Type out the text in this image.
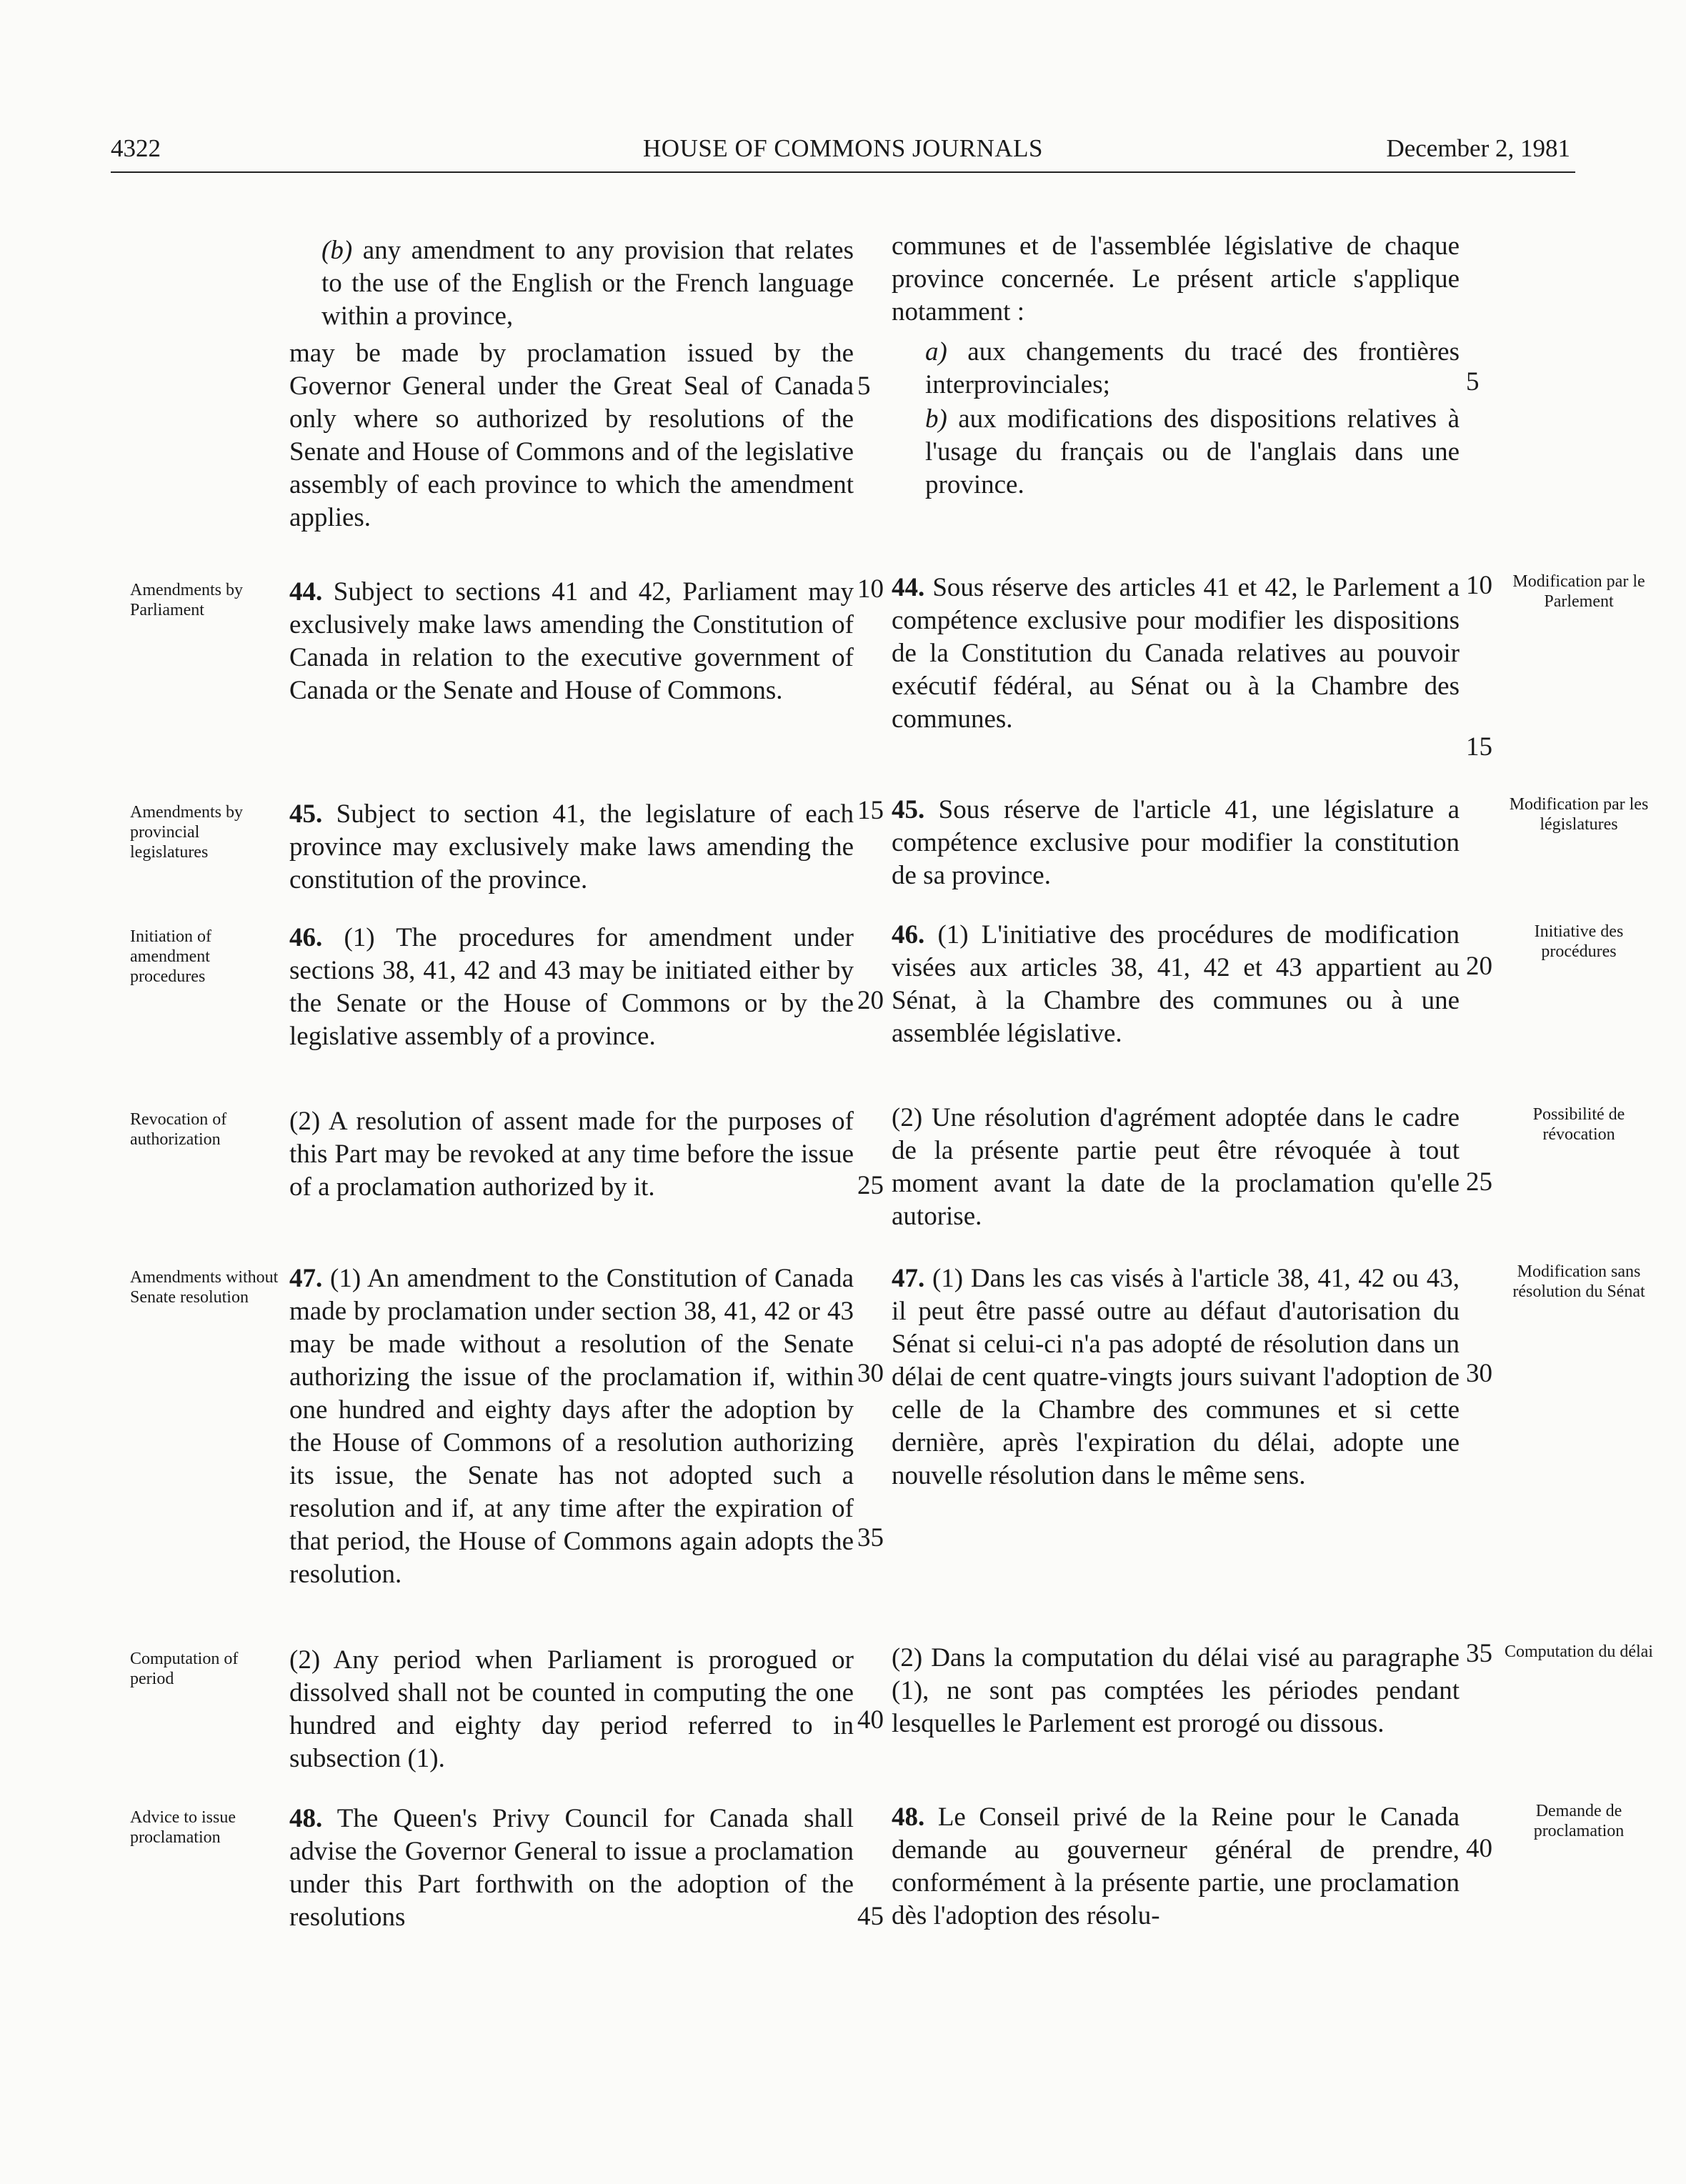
4322	HOUSE OF COMMONS JOURNALS	December 2, 1981

(b) any amendment to any provision that relates to the use of the English or the French language within a province,

may be made by proclamation issued by the Governor General under the Great Seal of Canada only where so authorized by resolutions of the Senate and House of Commons and of the legislative assembly of each province to which the amendment applies.

44. Subject to sections 41 and 42, Parliament may exclusively make laws amending the Constitution of Canada in relation to the executive government of Canada or the Senate and House of Commons.

45. Subject to section 41, the legislature of each province may exclusively make laws amending the constitution of the province.

46. (1) The procedures for amendment under sections 38, 41, 42 and 43 may be initiated either by the Senate or the House of Commons or by the legislative assembly of a province.

(2) A resolution of assent made for the purposes of this Part may be revoked at any time before the issue of a proclamation authorized by it.

47. (1) An amendment to the Constitution of Canada made by proclamation under section 38, 41, 42 or 43 may be made without a resolution of the Senate authorizing the issue of the proclamation if, within one hundred and eighty days after the adoption by the House of Commons of a resolution authorizing its issue, the Senate has not adopted such a resolution and if, at any time after the expiration of that period, the House of Commons again adopts the resolution.

(2) Any period when Parliament is prorogued or dissolved shall not be counted in computing the one hundred and eighty day period referred to in subsection (1).

48. The Queen's Privy Council for Canada shall advise the Governor General to issue a proclamation under this Part forthwith on the adoption of the resolutions

communes et de l'assemblée législative de chaque province concernée. Le présent article s'applique notamment :

a) aux changements du tracé des frontières interprovinciales;

b) aux modifications des dispositions relatives à l'usage du français ou de l'anglais dans une province.

44. Sous réserve des articles 41 et 42, le Parlement a compétence exclusive pour modifier les dispositions de la Constitution du Canada relatives au pouvoir exécutif fédéral, au Sénat ou à la Chambre des communes.

45. Sous réserve de l'article 41, une législature a compétence exclusive pour modifier la constitution de sa province.

46. (1) L'initiative des procédures de modification visées aux articles 38, 41, 42 et 43 appartient au Sénat, à la Chambre des communes ou à une assemblée législative.

(2) Une résolution d'agrément adoptée dans le cadre de la présente partie peut être révoquée à tout moment avant la date de la proclamation qu'elle autorise.

47. (1) Dans les cas visés à l'article 38, 41, 42 ou 43, il peut être passé outre au défaut d'autorisation du Sénat si celui-ci n'a pas adopté de résolution dans un délai de cent quatre-vingts jours suivant l'adoption de celle de la Chambre des communes et si cette dernière, après l'expiration du délai, adopte une nouvelle résolution dans le même sens.

(2) Dans la computation du délai visé au paragraphe (1), ne sont pas comptées les périodes pendant lesquelles le Parlement est prorogé ou dissous.

48. Le Conseil privé de la Reine pour le Canada demande au gouverneur général de prendre, conformément à la présente partie, une proclamation dès l'adoption des résolu-

5
10
15
20
25
30
35
40
45
5
10
15
20
25
30
35
40
Amendments by Parliament
Amendments by provincial legislatures
Initiation of amendment procedures
Revocation of authorization
Amendments without Senate resolution
Computation of period
Advice to issue proclamation
Modification par le Parlement
Modification par les législatures
Initiative des procédures
Possibilité de révocation
Modification sans résolution du Sénat
Computation du délai
Demande de proclamation
